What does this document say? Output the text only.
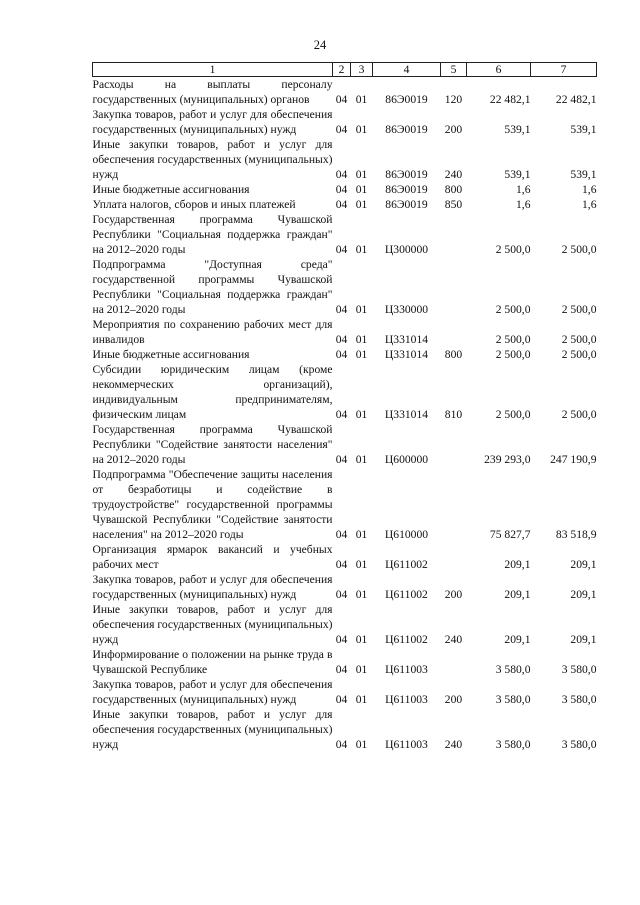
24
1	2	3	4	5	6	7
Расходы на выплаты персоналу государственных (муниципальных) органов	04	01	86Э0019	120	22 482,1	22 482,1
Закупка товаров, работ и услуг для обеспечения государственных (муниципальных) нужд	04	01	86Э0019	200	539,1	539,1
Иные закупки товаров, работ и услуг для обеспечения государственных (муниципальных) нужд	04	01	86Э0019	240	539,1	539,1
Иные бюджетные ассигнования	04	01	86Э0019	800	1,6	1,6
Уплата налогов, сборов и иных платежей	04	01	86Э0019	850	1,6	1,6
Государственная программа Чувашской Республики "Социальная поддержка граждан" на 2012–2020 годы	04	01	Ц300000		2 500,0	2 500,0
Подпрограмма "Доступная среда" государственной программы Чувашской Республики "Социальная поддержка граждан" на 2012–2020 годы	04	01	Ц330000		2 500,0	2 500,0
Мероприятия по сохранению рабочих мест для инвалидов	04	01	Ц331014		2 500,0	2 500,0
Иные бюджетные ассигнования	04	01	Ц331014	800	2 500,0	2 500,0
Субсидии юридическим лицам (кроме некоммерческих организаций), индивидуальным предпринимателям, физическим лицам	04	01	Ц331014	810	2 500,0	2 500,0
Государственная программа Чувашской Республики "Содействие занятости населения" на 2012–2020 годы	04	01	Ц600000		239 293,0	247 190,9
Подпрограмма "Обеспечение защиты населения от безработицы и содействие в трудоустройстве" государственной программы Чувашской Республики "Содействие занятости населения" на 2012–2020 годы	04	01	Ц610000		75 827,7	83 518,9
Организация ярмарок вакансий и учебных рабочих мест	04	01	Ц611002		209,1	209,1
Закупка товаров, работ и услуг для обеспечения государственных (муниципальных) нужд	04	01	Ц611002	200	209,1	209,1
Иные закупки товаров, работ и услуг для обеспечения государственных (муниципальных) нужд	04	01	Ц611002	240	209,1	209,1
Информирование о положении на рынке труда в Чувашской Республике	04	01	Ц611003		3 580,0	3 580,0
Закупка товаров, работ и услуг для обеспечения государственных (муниципальных) нужд	04	01	Ц611003	200	3 580,0	3 580,0
Иные закупки товаров, работ и услуг для обеспечения государственных (муниципальных) нужд	04	01	Ц611003	240	3 580,0	3 580,0
